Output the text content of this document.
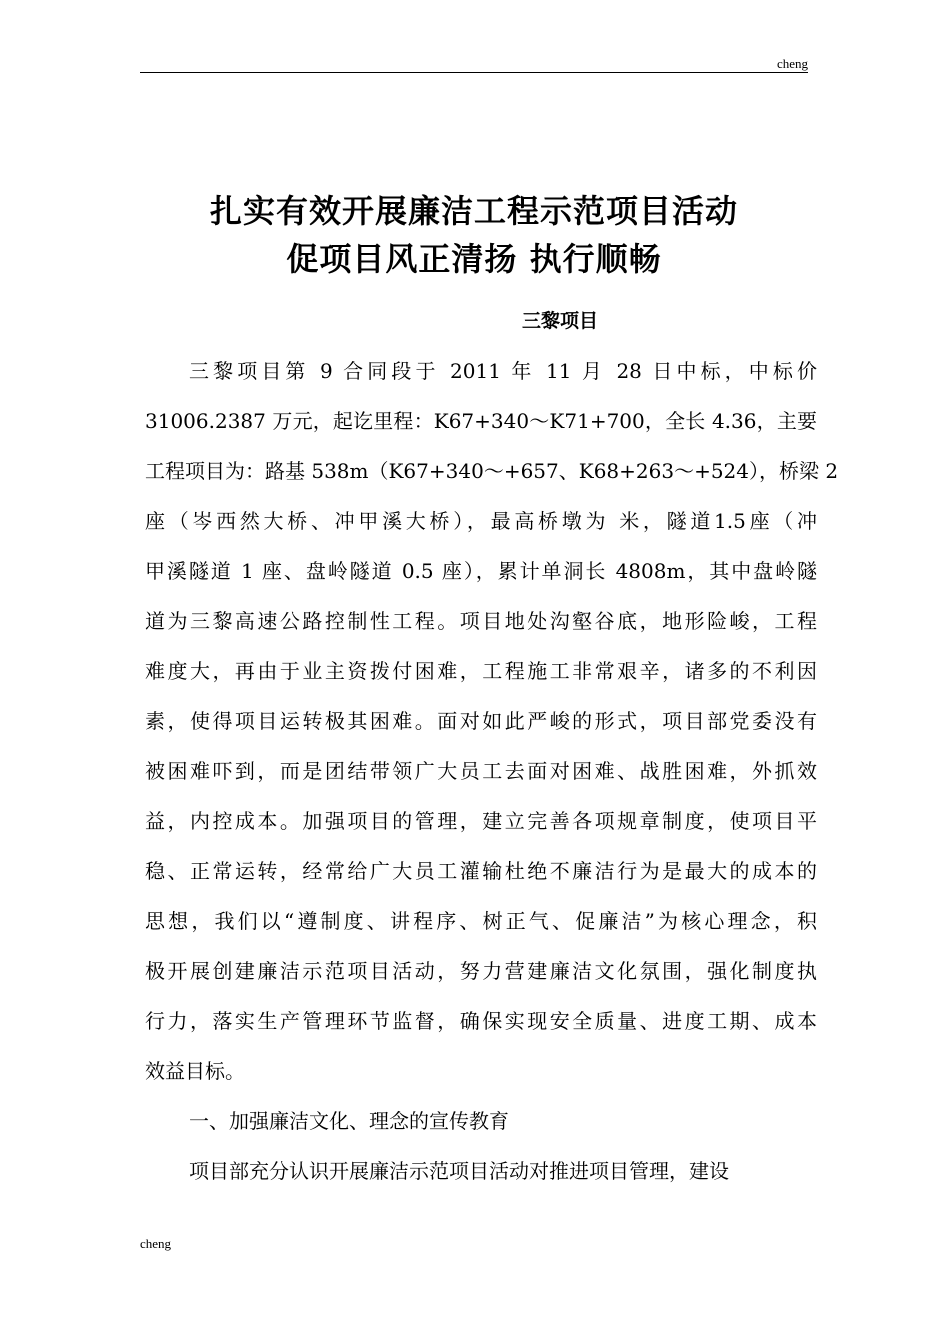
cheng
扎实有效开展廉洁工程示范项目活动
促项目风正清扬 执行顺畅
三黎项目
三黎项目第 9 合同段于 2011 年 11 月 28 日中标，中标价
31006.2387 万元，起讫里程：K67+340～K71+700，全长 4.36，主要
工程项目为：路基 538m（K67+340～+657、K68+263～+524），桥梁 2
座（岑西然大桥、冲甲溪大桥），最高桥墩为 米，隧道1.5座（冲
甲溪隧道 1 座、盘岭隧道 0.5 座），累计单洞长 4808m，其中盘岭隧
道为三黎高速公路控制性工程。项目地处沟壑谷底，地形险峻，工程
难度大，再由于业主资拨付困难，工程施工非常艰辛，诸多的不利因
素，使得项目运转极其困难。面对如此严峻的形式，项目部党委没有
被困难吓到，而是团结带领广大员工去面对困难、战胜困难，外抓效
益，内控成本。加强项目的管理，建立完善各项规章制度，使项目平
稳、正常运转，经常给广大员工灌输杜绝不廉洁行为是最大的成本的
思想，我们以“遵制度、讲程序、树正气、促廉洁”为核心理念，积
极开展创建廉洁示范项目活动，努力营建廉洁文化氛围，强化制度执
行力，落实生产管理环节监督，确保实现安全质量、进度工期、成本
效益目标。
一、加强廉洁文化、理念的宣传教育
项目部充分认识开展廉洁示范项目活动对推进项目管理，建设
cheng
